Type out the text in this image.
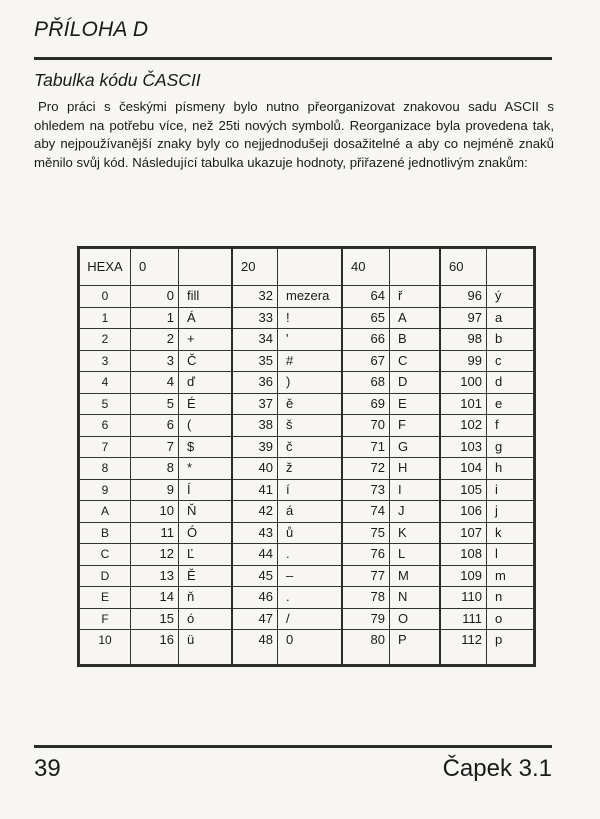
PŘÍLOHA D
Tabulka kódu ČASCII

Pro práci s českými písmeny bylo nutno přeorganizovat znakovou sadu ASCII s ohledem na potřebu více, než 25ti nových symbolů. Reorganizace byla provedena tak, aby nejpoužívanější znaky byly co nejjednodušeji dosažitelné a aby co nejméně znaků měnilo svůj kód. Následující tabulka ukazuje hodnoty, přiřazené jednotlivým znakům:

HEXA	0		20		40		60	
0	0	fill	32	mezera	64	ř	96	ý
1	1	Á	33	!	65	A	97	a
2	2	+	34	'	66	B	98	b
3	3	Č	35	#	67	C	99	c
4	4	ď	36	)	68	D	100	d
5	5	É	37	ě	69	E	101	e
6	6	(	38	š	70	F	102	f
7	7	$	39	č	71	G	103	g
8	8	*	40	ž	72	H	104	h
9	9	Í	41	í	73	I	105	i
A	10	Ň	42	á	74	J	106	j
B	11	Ó	43	ů	75	K	107	k
C	12	Ľ	44	.	76	L	108	l
D	13	Ě	45	–	77	M	109	m
E	14	ň	46	.	78	N	110	n
F	15	ó	47	/	79	O	111	o
10	16	ü	48	0	80	P	112	p

39	Čapek 3.1
